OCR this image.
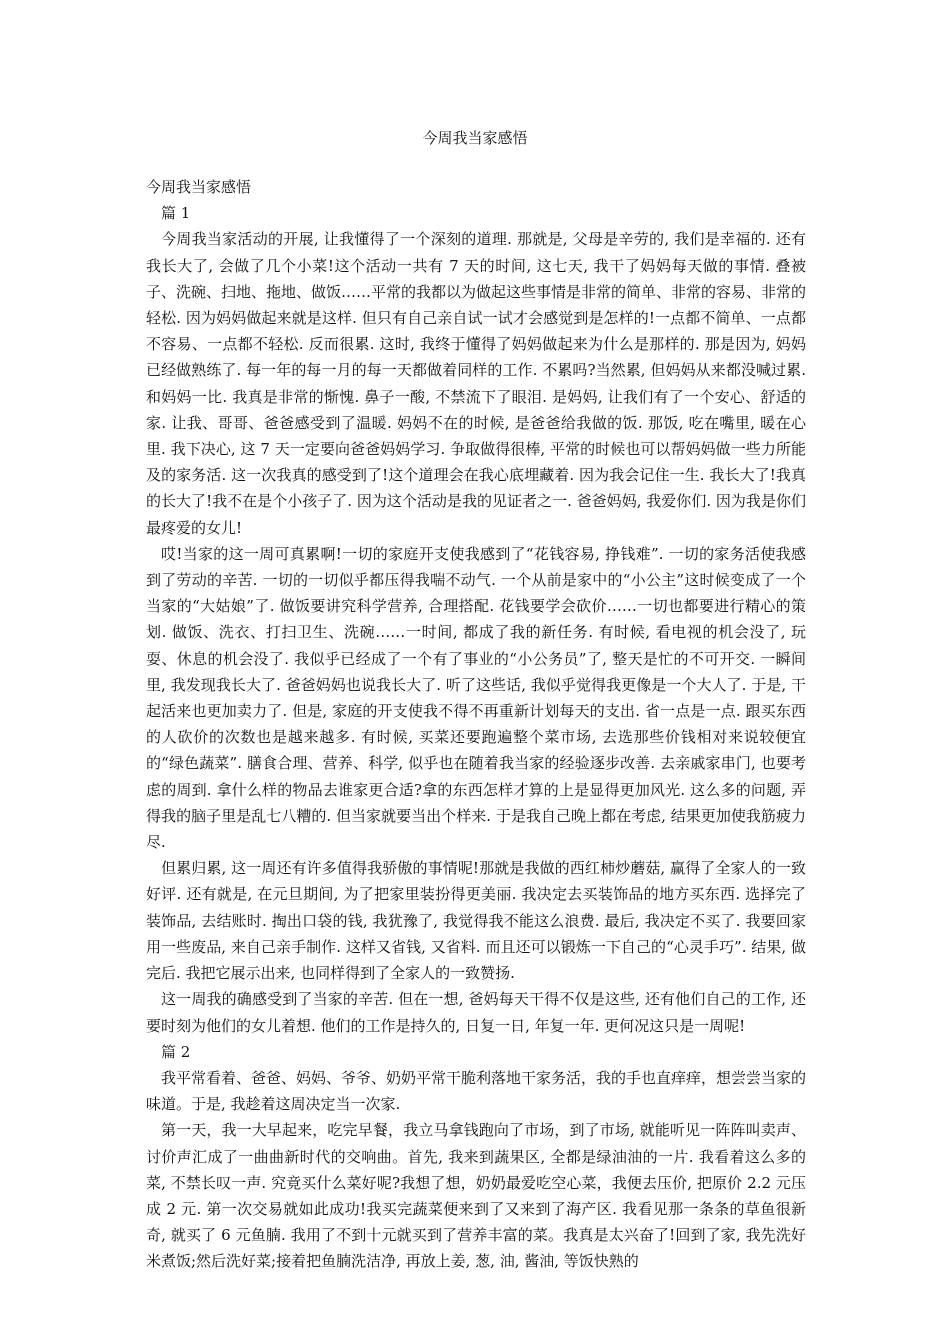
今周我当家感悟

今周我当家感悟

篇 1

今周我当家活动的开展, 让我懂得了一个深刻的道理. 那就是, 父母是辛劳的, 我们是幸福的. 还有我长大了, 会做了几个小菜!这个活动一共有 7 天的时间, 这七天, 我干了妈妈每天做的事情. 叠被子、洗碗、扫地、拖地、做饭……平常的我都以为做起这些事情是非常的简单、非常的容易、非常的轻松. 因为妈妈做起来就是这样. 但只有自己亲自试一试才会感觉到是怎样的!一点都不简单、一点都不容易、一点都不轻松. 反而很累. 这时, 我终于懂得了妈妈做起来为什么是那样的. 那是因为, 妈妈已经做熟练了. 每一年的每一月的每一天都做着同样的工作. 不累吗?当然累, 但妈妈从来都没喊过累. 和妈妈一比. 我真是非常的惭愧. 鼻子一酸, 不禁流下了眼泪. 是妈妈, 让我们有了一个安心、舒适的家. 让我、哥哥、爸爸感受到了温暖. 妈妈不在的时候, 是爸爸给我做的饭. 那饭, 吃在嘴里, 暖在心里. 我下决心, 这 7 天一定要向爸爸妈妈学习. 争取做得很棒, 平常的时候也可以帮妈妈做一些力所能及的家务活. 这一次我真的感受到了!这个道理会在我心底埋藏着. 因为我会记住一生. 我长大了!我真的长大了!我不在是个小孩子了. 因为这个活动是我的见证者之一. 爸爸妈妈, 我爱你们. 因为我是你们最疼爱的女儿!

哎!当家的这一周可真累啊!一切的家庭开支使我感到了“花钱容易, 挣钱难”. 一切的家务活使我感到了劳动的辛苦. 一切的一切似乎都压得我喘不动气. 一个从前是家中的“小公主”这时候变成了一个当家的“大姑娘”了. 做饭要讲究科学营养, 合理搭配. 花钱要学会砍价……一切也都要进行精心的策划. 做饭、洗衣、打扫卫生、洗碗……一时间, 都成了我的新任务. 有时候, 看电视的机会没了, 玩耍、休息的机会没了. 我似乎已经成了一个有了事业的“小公务员”了, 整天是忙的不可开交. 一瞬间里, 我发现我长大了. 爸爸妈妈也说我长大了. 听了这些话, 我似乎觉得我更像是一个大人了. 于是, 干起活来也更加卖力了. 但是, 家庭的开支使我不得不再重新计划每天的支出. 省一点是一点. 跟买东西的人砍价的次数也是越来越多. 有时候, 买菜还要跑遍整个菜市场, 去选那些价钱相对来说较便宜的“绿色蔬菜”. 膳食合理、营养、科学, 似乎也在随着我当家的经验逐步改善. 去亲戚家串门, 也要考虑的周到. 拿什么样的物品去谁家更合适?拿的东西怎样才算的上是显得更加风光. 这么多的问题, 弄得我的脑子里是乱七八糟的. 但当家就要当出个样来. 于是我自己晚上都在考虑, 结果更加使我筋疲力尽.

但累归累, 这一周还有许多值得我骄傲的事情呢!那就是我做的西红柿炒蘑菇, 赢得了全家人的一致好评. 还有就是, 在元旦期间, 为了把家里装扮得更美丽. 我决定去买装饰品的地方买东西. 选择完了装饰品, 去结账时. 掏出口袋的钱, 我犹豫了, 我觉得我不能这么浪费. 最后, 我决定不买了. 我要回家用一些废品, 来自己亲手制作. 这样又省钱, 又省料. 而且还可以锻炼一下自己的“心灵手巧”. 结果, 做完后. 我把它展示出来, 也同样得到了全家人的一致赞扬.

这一周我的确感受到了当家的辛苦. 但在一想, 爸妈每天干得不仅是这些, 还有他们自己的工作, 还要时刻为他们的女儿着想. 他们的工作是持久的, 日复一日, 年复一年. 更何况这只是一周呢!

篇 2

我平常看着、爸爸、妈妈、爷爷、奶奶平常干脆利落地干家务活，我的手也直痒痒，想尝尝当家的味道。于是, 我趁着这周决定当一次家.

第一天，我一大早起来，吃完早餐，我立马拿钱跑向了市场，到了市场, 就能听见一阵阵叫卖声、讨价声汇成了一曲曲新时代的交响曲。首先, 我来到蔬果区, 全都是绿油油的一片. 我看着这么多的菜, 不禁长叹一声. 究竟买什么菜好呢?我想了想，奶奶最爱吃空心菜，我便去压价, 把原价 2.2 元压成 2 元. 第一次交易就如此成功!我买完蔬菜便来到了又来到了海产区. 我看见那一条条的草鱼很新奇, 就买了 6 元鱼腩. 我用了不到十元就买到了营养丰富的菜。我真是太兴奋了!回到了家, 我先洗好米煮饭;然后洗好菜;接着把鱼腩洗洁净, 再放上姜, 葱, 油, 酱油, 等饭快熟的
